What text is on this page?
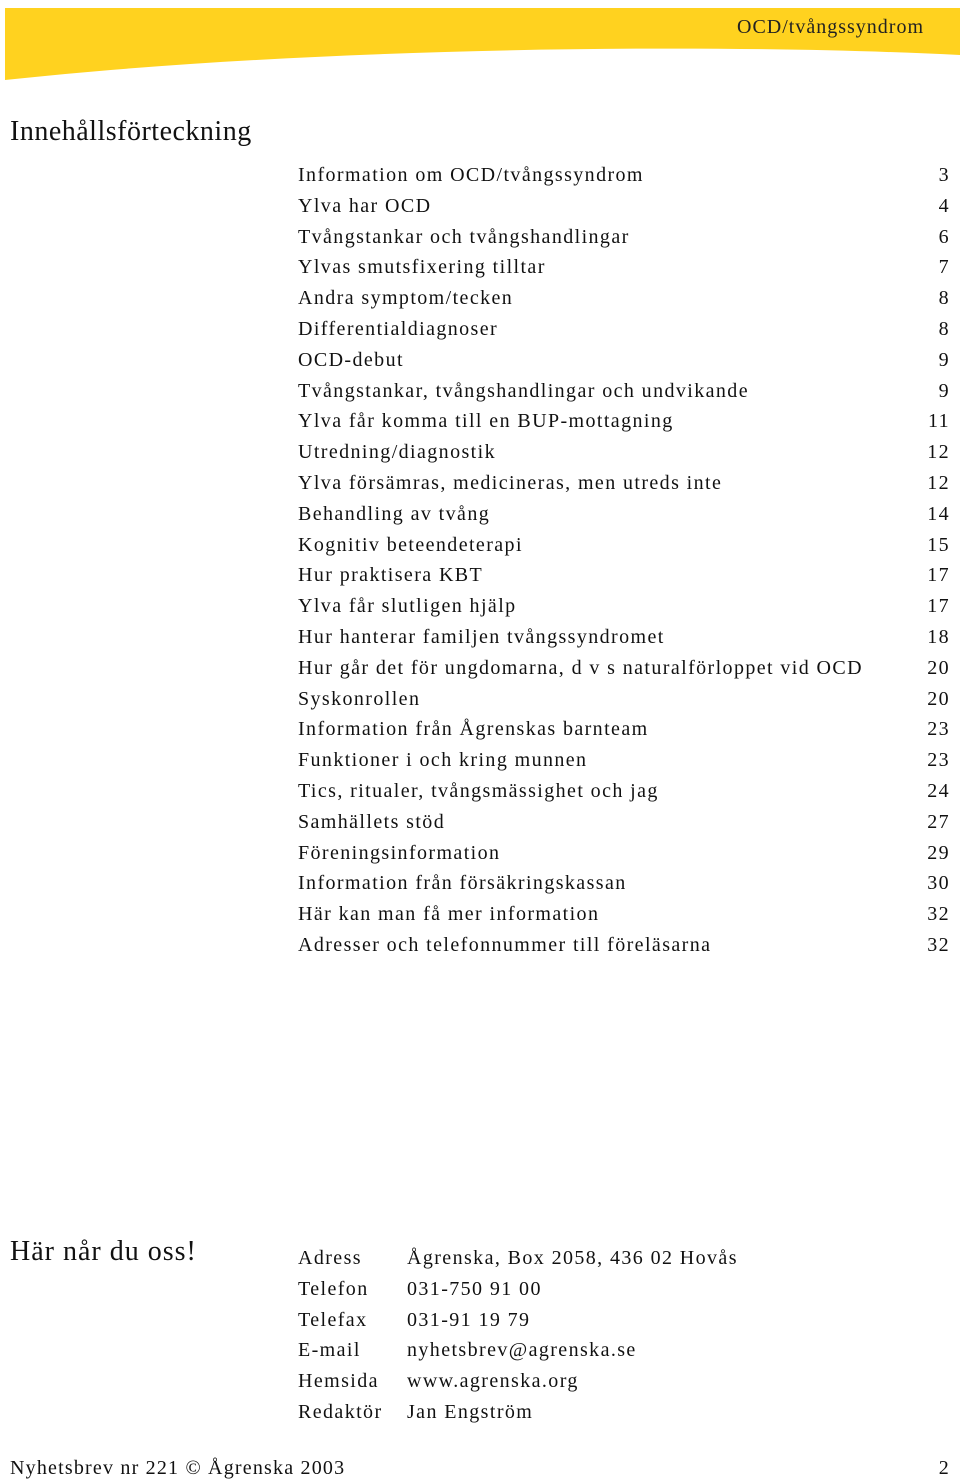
OCD/tvångssyndrom
Innehållsförteckning
Information om OCD/tvångssyndrom	3
Ylva har OCD	4
Tvångstankar och tvångshandlingar	6
Ylvas smutsfixering tilltar	7
Andra symptom/tecken	8
Differentialdiagnoser	8
OCD-debut	9
Tvångstankar, tvångshandlingar och undvikande	9
Ylva får komma till en BUP-mottagning	11
Utredning/diagnostik	12
Ylva försämras, medicineras, men utreds inte	12
Behandling av tvång	14
Kognitiv beteendeterapi	15
Hur praktisera KBT	17
Ylva får slutligen hjälp	17
Hur hanterar familjen tvångssyndromet	18
Hur går det för ungdomarna, d v s naturalförloppet vid OCD	20
Syskonrollen	20
Information från Ågrenskas barnteam	23
Funktioner i och kring munnen	23
Tics, ritualer, tvångsmässighet och jag	24
Samhällets stöd	27
Föreningsinformation	29
Information från försäkringskassan	30
Här kan man få mer information	32
Adresser och telefonnummer till föreläsarna	32
Här når du oss!	Adress	Ågrenska, Box 2058, 436 02 Hovås
Telefon	031-750 91 00
Telefax	031-91 19 79
E-mail	nyhetsbrev@agrenska.se
Hemsida	www.agrenska.org
Redaktör	Jan Engström
Nyhetsbrev nr 221 © Ågrenska 2003	2
